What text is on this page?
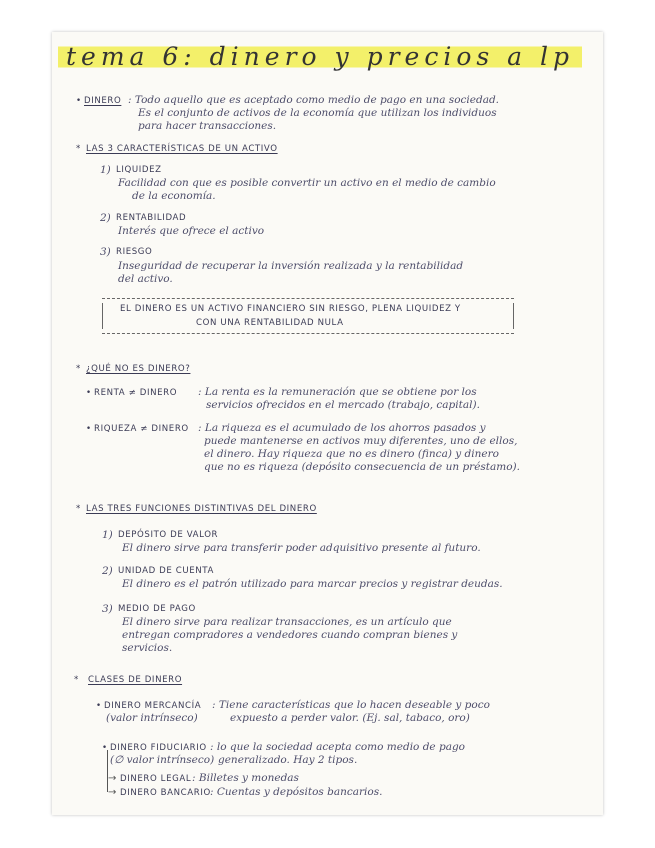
tema 6: dinero y precios a lp
• DINERO : Todo aquello que es aceptado como medio de pago en una sociedad.
Es el conjunto de activos de la economía que utilizan los individuos
para hacer transacciones.
* LAS 3 CARACTERÍSTICAS DE UN ACTIVO
1) LIQUIDEZ
Facilidad con que es posible convertir un activo en el medio de cambio
de la economía.
2) RENTABILIDAD
Interés que ofrece el activo
3) RIESGO
Inseguridad de recuperar la inversión realizada y la rentabilidad
del activo.
EL DINERO ES UN ACTIVO FINANCIERO SIN RIESGO, PLENA LIQUIDEZ Y
CON UNA RENTABILIDAD NULA
* ¿QUÉ NO ES DINERO?
• RENTA ≠ DINERO : La renta es la remuneración que se obtiene por los
servicios ofrecidos en el mercado (trabajo, capital).
• RIQUEZA ≠ DINERO : La riqueza es el acumulado de los ahorros pasados y
puede mantenerse en activos muy diferentes, uno de ellos,
el dinero. Hay riqueza que no es dinero (finca) y dinero
que no es riqueza (depósito consecuencia de un préstamo).
* LAS TRES FUNCIONES DISTINTIVAS DEL DINERO
1) DEPÓSITO DE VALOR
El dinero sirve para transferir poder adquisitivo presente al futuro.
2) UNIDAD DE CUENTA
El dinero es el patrón utilizado para marcar precios y registrar deudas.
3) MEDIO DE PAGO
El dinero sirve para realizar transacciones, es un artículo que
entregan compradores a vendedores cuando compran bienes y
servicios.
* CLASES DE DINERO
• DINERO MERCANCÍA
(valor intrínseco)
: Tiene características que lo hacen deseable y poco
expuesto a perder valor. (Ej. sal, tabaco, oro)
• DINERO FIDUCIARIO
(∅ valor intrínseco)
: lo que la sociedad acepta como medio de pago
generalizado. Hay 2 tipos.
→ DINERO LEGAL : Billetes y monedas
→ DINERO BANCARIO : Cuentas y depósitos bancarios.
